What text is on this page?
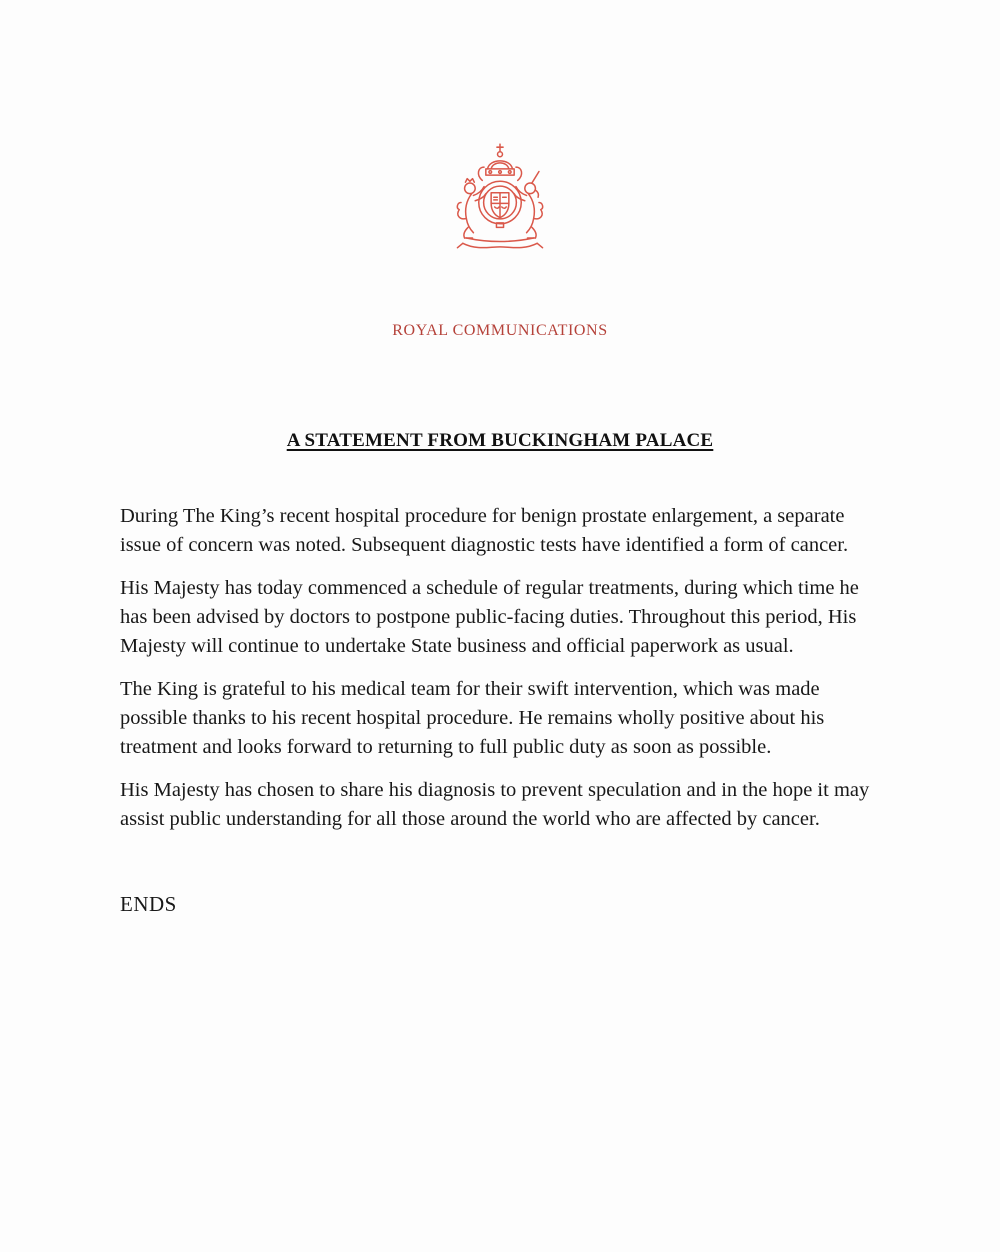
ROYAL COMMUNICATIONS
A STATEMENT FROM BUCKINGHAM PALACE

During The King’s recent hospital procedure for benign prostate enlargement, a separate issue of concern was noted. Subsequent diagnostic tests have identified a form of cancer.

His Majesty has today commenced a schedule of regular treatments, during which time he has been advised by doctors to postpone public-facing duties. Throughout this period, His Majesty will continue to undertake State business and official paperwork as usual.

The King is grateful to his medical team for their swift intervention, which was made possible thanks to his recent hospital procedure. He remains wholly positive about his treatment and looks forward to returning to full public duty as soon as possible.

His Majesty has chosen to share his diagnosis to prevent speculation and in the hope it may assist public understanding for all those around the world who are affected by cancer.

ENDS
